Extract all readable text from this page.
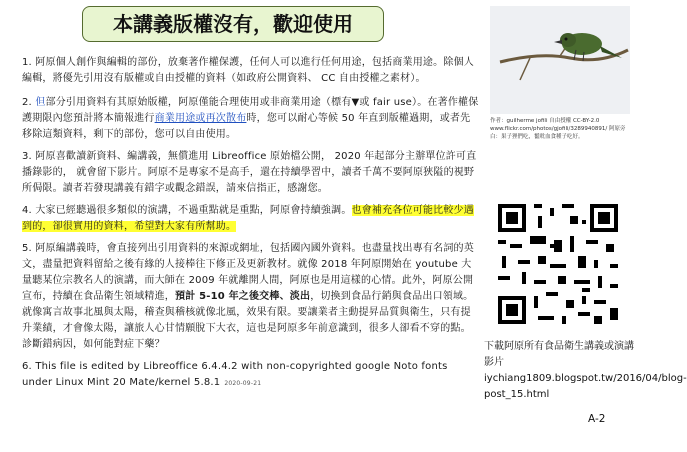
本講義版權沒有，歡迎使用

1. 阿原個人創作與編輯的部份，放棄著作權保護，任何人可以進行任何用途，包括商業用途。除個人編輯，將優先引用沒有版權或自由授權的資料（如政府公開資料、 CC 自由授權之素材）。

2. 但部分引用資料有其原始版權，阿原僅能合理使用或非商業用途（標有▼或 fair use）。在著作權保護期限內您預計將本簡報進行商業用途或再次散布時，您可以耐心等候 50 年直到版權過期，或者先移除這類資料，剩下的部份，您可以自由使用。

3. 阿原喜歡讀新資料、編講義，無償進用 Libreoffice 原始檔公開， 2020 年起部分主辦單位許可直播錄影的， 就會留下影片。阿原不是專家不是高手，還在持續學習中，讀者千萬不要阿原狹隘的視野所侷限。讀者若發現講義有錯字或觀念錯誤，請來信指正，感謝您。

4. 大家已經聽過很多類似的演講，不過重點就是重點，阿原會持續強調。也會補充各位可能比較少遇到的，卻很實用的資料，希望對大家有所幫助。

5. 阿原編講義時，會直接列出引用資料的來源或網址，包括國內國外資料。也盡量找出專有名詞的英文，盡量把資料留給之後有緣的人接棒往下修正及更新教材。就像 2018 年阿原開始在 youtube 大量聽某位宗教名人的演講，而大師在 2009 年就離開人間，阿原也是用這樣的心情。此外，阿原公開宣布，持續在食品衛生領域精進，預計 5-10 年之後交棒、淡出，切換到食品行銷與食品出口領域。就像寓言故事北風與太陽，稽查與稽核就像北風，效果有限。要讓業者主動提昇品質與衛生，只有提升業績，才會像太陽，讓旅人心甘情願脫下大衣，這也是阿原多年前意識到，很多人卻看不穿的點。診斷錯病因，如何能對症下藥？

6. This file is edited by Libreoffice 6.4.4.2 with non-copyrighted google Noto fonts under Linux Mint 20 Mate/kernel 5.8.1 2020-09-21

作者：guilherme jofili 自由授權 CC-BY-2.0 www.flickr.com/photos/gjofili/3289940891/ 阿原旁白：果子狸們吃，鬣吡血食種子吃好。
下載阿原所有食品衛生講義或演講影片iychiang1809.blogspot.tw/2016/04/blog-post_15.html
A-2
